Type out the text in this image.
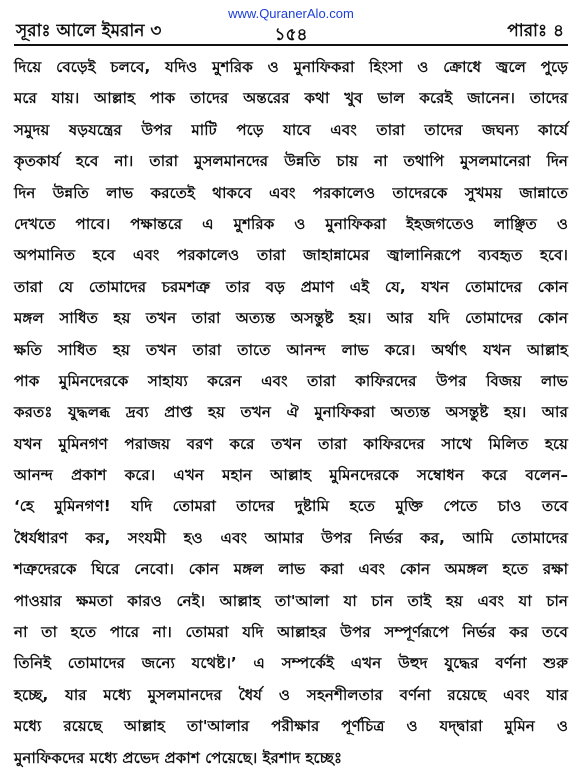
সূরাঃ আলে ইমরান ৩
www.QuranerAlo.com
১৫৪	পারাঃ ৪
দিয়ে বেড়েই চলবে, যদিও মুশরিক ও মুনাফিকরা হিংসা ও ক্রোধে জ্বলে পুড়ে
মরে যায়। আল্লাহ পাক তাদের অন্তরের কথা খুব ভাল করেই জানেন। তাদের
সমুদয় ষড়যন্ত্রের উপর মাটি পড়ে যাবে এবং তারা তাদের জঘন্য কার্যে
কৃতকার্য হবে না। তারা মুসলমানদের উন্নতি চায় না তথাপি মুসলমানেরা দিন
দিন উন্নতি লাভ করতেই থাকবে এবং পরকালেও তাদেরকে সুখময় জান্নাতে
দেখতে পাবে। পক্ষান্তরে এ মুশরিক ও মুনাফিকরা ইহজগতেও লাঞ্ছিত ও
অপমানিত হবে এবং পরকালেও তারা জাহান্নামের জ্বালানিরূপে ব্যবহৃত হবে।
তারা যে তোমাদের চরমশত্রু তার বড় প্রমাণ এই যে, যখন তোমাদের কোন
মঙ্গল সাধিত হয় তখন তারা অত্যন্ত অসন্তুষ্ট হয়। আর যদি তোমাদের কোন
ক্ষতি সাধিত হয় তখন তারা তাতে আনন্দ লাভ করে। অর্থাৎ যখন আল্লাহ
পাক মুমিনদেরকে সাহায্য করেন এবং তারা কাফিরদের উপর বিজয় লাভ
করতঃ যুদ্ধলব্ধ দ্রব্য প্রাপ্ত হয় তখন ঐ মুনাফিকরা অত্যন্ত অসন্তুষ্ট হয়। আর
যখন মুমিনগণ পরাজয় বরণ করে তখন তারা কাফিরদের সাথে মিলিত হয়ে
আনন্দ প্রকাশ করে। এখন মহান আল্লাহ মুমিনদেরকে সম্বোধন করে বলেন–
‘হে মুমিনগণ! যদি তোমরা তাদের দুষ্টামি হতে মুক্তি পেতে চাও তবে
ধৈর্যধারণ কর, সংযমী হও এবং আমার উপর নির্ভর কর, আমি তোমাদের
শত্রুদেরকে ঘিরে নেবো। কোন মঙ্গল লাভ করা এবং কোন অমঙ্গল হতে রক্ষা
পাওয়ার ক্ষমতা কারও নেই। আল্লাহ তা'আলা যা চান তাই হয় এবং যা চান
না তা হতে পারে না। তোমরা যদি আল্লাহর উপর সম্পূর্ণরূপে নির্ভর কর তবে
তিনিই তোমাদের জন্যে যথেষ্ট।’ এ সম্পর্কেই এখন উহুদ যুদ্ধের বর্ণনা শুরু
হচ্ছে, যার মধ্যে মুসলমানদের ধৈর্য ও সহনশীলতার বর্ণনা রয়েছে এবং যার
মধ্যে রয়েছে আল্লাহ তা'আলার পরীক্ষার পূর্ণচিত্র ও যদ্দ্বারা মুমিন ও
মুনাফিকদের মধ্যে প্রভেদ প্রকাশ পেয়েছে। ইরশাদ হচ্ছেঃ
